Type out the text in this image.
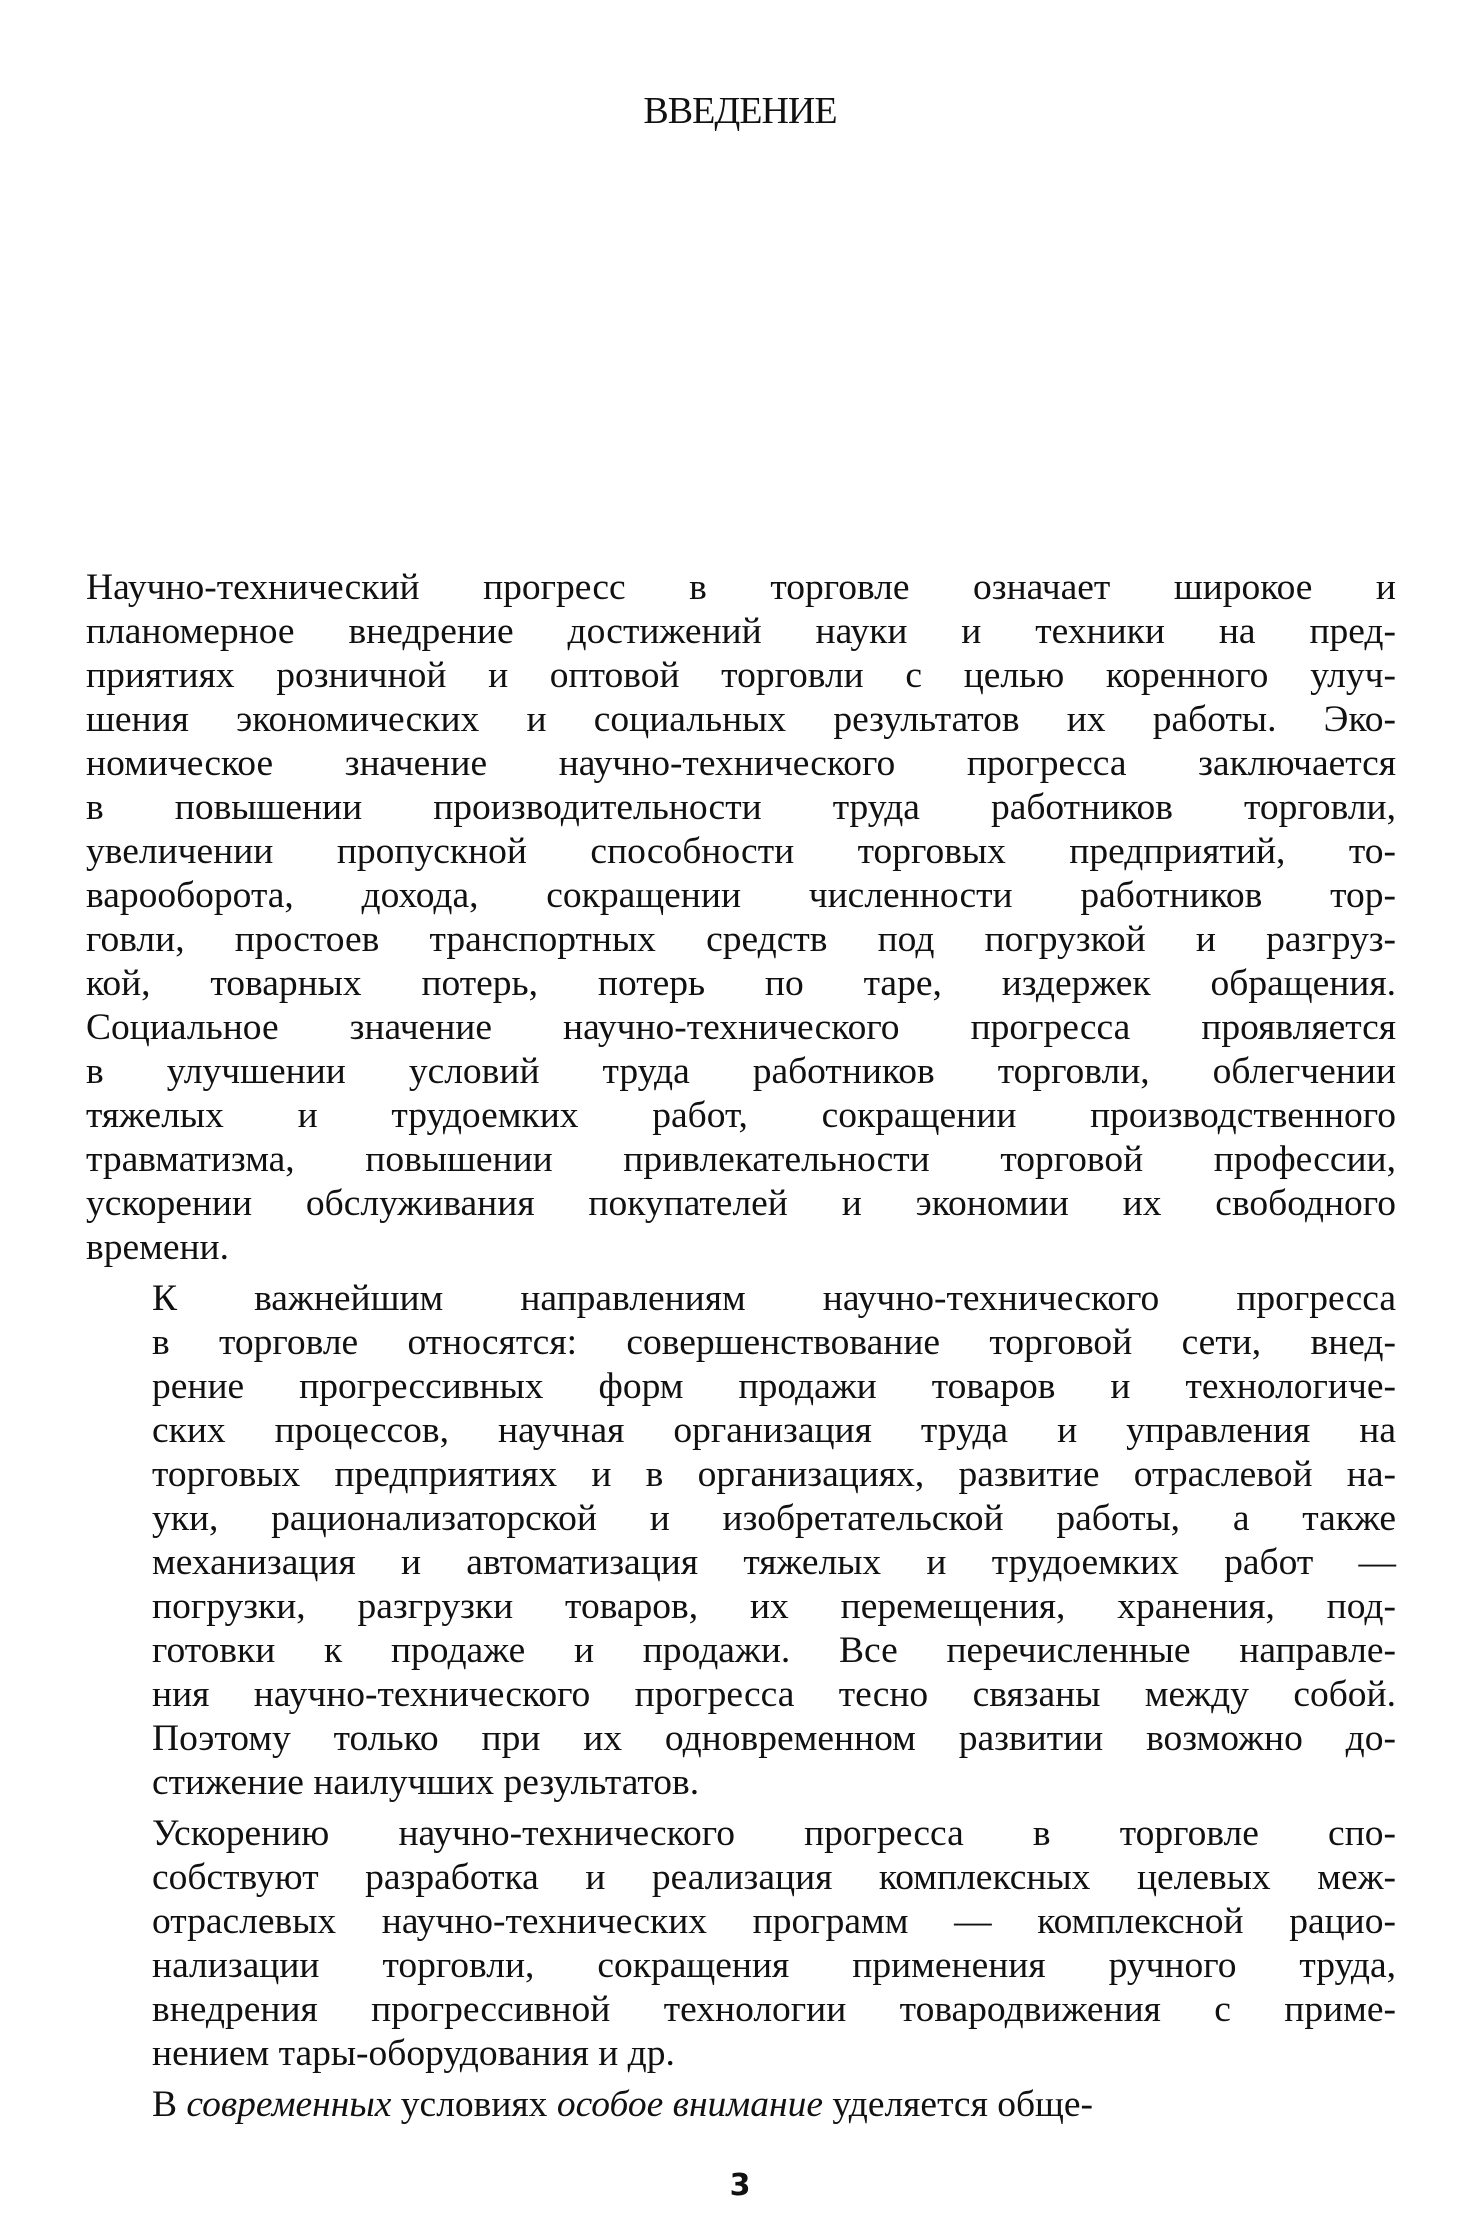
ВВЕДЕНИЕ

Научно-технический прогресс в торговле означает широкое и
планомерное внедрение достижений науки и техники на пред-
приятиях розничной и оптовой торговли с целью коренного улуч-
шения экономических и социальных результатов их работы. Эко-
номическое значение научно-технического прогресса заключается
в повышении производительности труда работников торговли,
увеличении пропускной способности торговых предприятий, то-
варооборота, дохода, сокращении численности работников тор-
говли, простоев транспортных средств под погрузкой и разгруз-
кой, товарных потерь, потерь по таре, издержек обращения.
Социальное значение научно-технического прогресса проявляется
в улучшении условий труда работников торговли, облегчении
тяжелых и трудоемких работ, сокращении производственного
травматизма, повышении привлекательности торговой профессии,
ускорении обслуживания покупателей и экономии их свободного
времени.

К важнейшим направлениям научно-технического прогресса
в торговле относятся: совершенствование торговой сети, внед-
рение прогрессивных форм продажи товаров и технологиче-
ских процессов, научная организация труда и управления на
торговых предприятиях и в организациях, развитие отраслевой на-
уки, рационализаторской и изобретательской работы, а также
механизация и автоматизация тяжелых и трудоемких работ —
погрузки, разгрузки товаров, их перемещения, хранения, под-
готовки к продаже и продажи. Все перечисленные направле-
ния научно-технического прогресса тесно связаны между собой.
Поэтому только при их одновременном развитии возможно до-
стижение наилучших результатов.

Ускорению научно-технического прогресса в торговле спо-
собствуют разработка и реализация комплексных целевых меж-
отраслевых научно-технических программ — комплексной рацио-
нализации торговли, сокращения применения ручного труда,
внедрения прогрессивной технологии товародвижения с приме-
нением тары-оборудования и др.

В современных условиях особое внимание уделяется обще-

3
